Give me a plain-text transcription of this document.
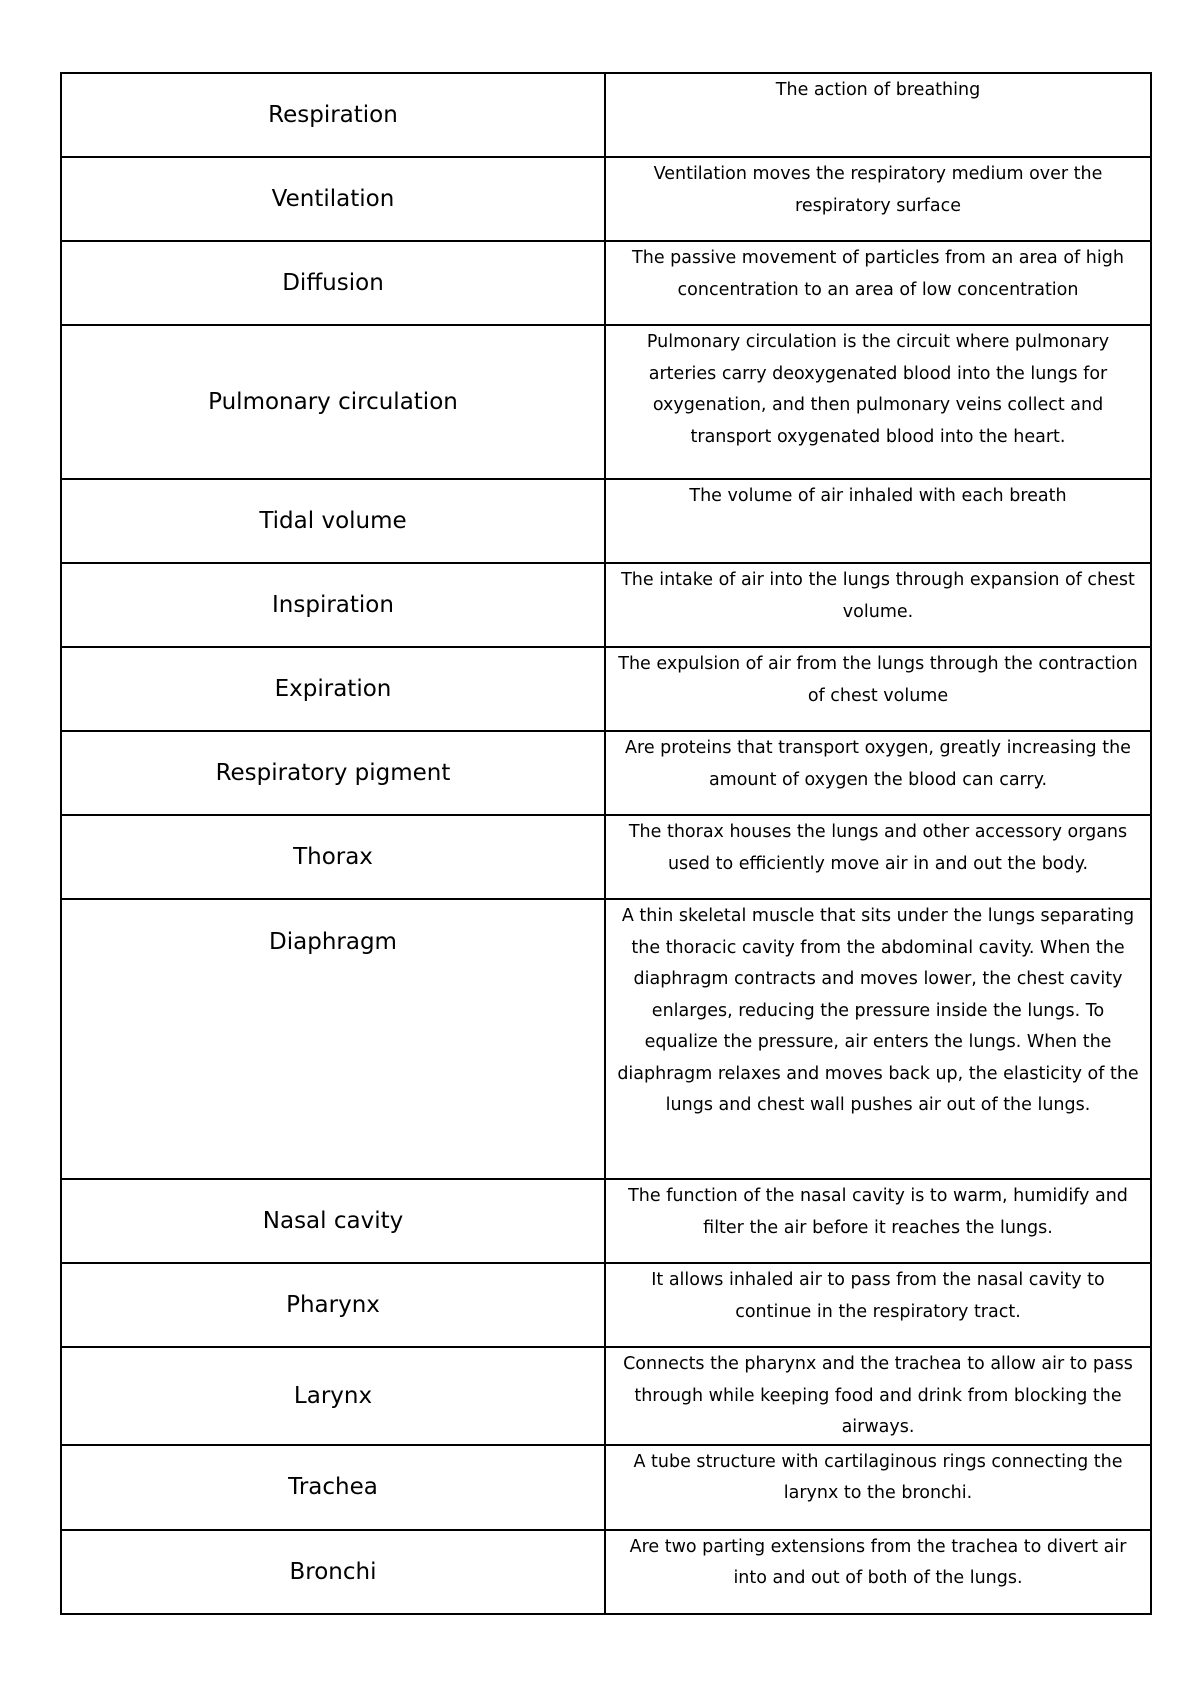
Respiration	The action of breathing
Ventilation	Ventilation moves the respiratory medium over the respiratory surface
Diffusion	The passive movement of particles from an area of high concentration to an area of low concentration
Pulmonary circulation	Pulmonary circulation is the circuit where pulmonary arteries carry deoxygenated blood into the lungs for oxygenation, and then pulmonary veins collect and transport oxygenated blood into the heart.
Tidal volume	The volume of air inhaled with each breath
Inspiration	The intake of air into the lungs through expansion of chest volume.
Expiration	The expulsion of air from the lungs through the contraction of chest volume
Respiratory pigment	Are proteins that transport oxygen, greatly increasing the amount of oxygen the blood can carry.
Thorax	The thorax houses the lungs and other accessory organs used to efficiently move air in and out the body.
Diaphragm	A thin skeletal muscle that sits under the lungs separating the thoracic cavity from the abdominal cavity. When the diaphragm contracts and moves lower, the chest cavity enlarges, reducing the pressure inside the lungs. To equalize the pressure, air enters the lungs. When the diaphragm relaxes and moves back up, the elasticity of the lungs and chest wall pushes air out of the lungs.
Nasal cavity	The function of the nasal cavity is to warm, humidify and filter the air before it reaches the lungs.
Pharynx	It allows inhaled air to pass from the nasal cavity to continue in the respiratory tract.
Larynx	Connects the pharynx and the trachea to allow air to pass through while keeping food and drink from blocking the airways.
Trachea	A tube structure with cartilaginous rings connecting the larynx to the bronchi.
Bronchi	Are two parting extensions from the trachea to divert air into and out of both of the lungs.
